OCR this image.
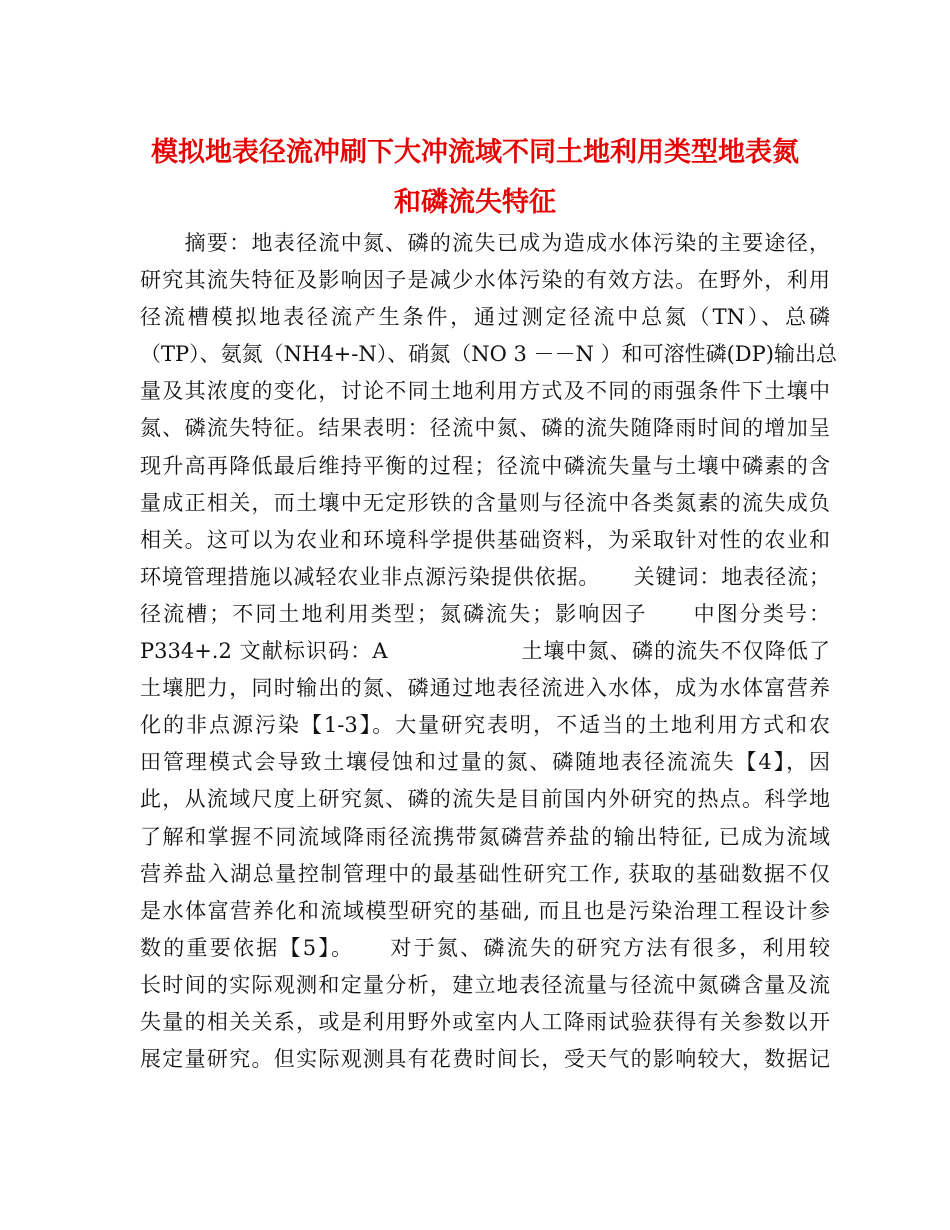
模拟地表径流冲刷下大冲流域不同土地利用类型地表氮
和磷流失特征
　　摘要：地表径流中氮、磷的流失已成为造成水体污染的主要途径，
研究其流失特征及影响因子是减少水体污染的有效方法。在野外，利用
径流槽模拟地表径流产生条件，通过测定径流中总氮（TN）、总磷
（TP）、氨氮（NH4+-N）、硝氮（NO 3 －－N ）和可溶性磷(DP)输出总
量及其浓度的变化，讨论不同土地利用方式及不同的雨强条件下土壤中
氮、磷流失特征。结果表明：径流中氮、磷的流失随降雨时间的增加呈
现升高再降低最后维持平衡的过程；径流中磷流失量与土壤中磷素的含
量成正相关，而土壤中无定形铁的含量则与径流中各类氮素的流失成负
相关。这可以为农业和环境科学提供基础资料，为采取针对性的农业和
环境管理措施以减轻农业非点源污染提供依据。　　关键词：地表径流；
径流槽；不同土地利用类型；氮磷流失；影响因子　　中图分类号：
P334+.2 文献标识码：A　　　　　　土壤中氮、磷的流失不仅降低了
土壤肥力，同时输出的氮、磷通过地表径流进入水体，成为水体富营养
化的非点源污染【1-3】。大量研究表明，不适当的土地利用方式和农
田管理模式会导致土壤侵蚀和过量的氮、磷随地表径流流失【4】，因
此，从流域尺度上研究氮、磷的流失是目前国内外研究的热点。科学地
了解和掌握不同流域降雨径流携带氮磷营养盐的输出特征, 已成为流域
营养盐入湖总量控制管理中的最基础性研究工作, 获取的基础数据不仅
是水体富营养化和流域模型研究的基础, 而且也是污染治理工程设计参
数的重要依据【5】。　　对于氮、磷流失的研究方法有很多，利用较
长时间的实际观测和定量分析，建立地表径流量与径流中氮磷含量及流
失量的相关关系，或是利用野外或室内人工降雨试验获得有关参数以开
展定量研究。但实际观测具有花费时间长，受天气的影响较大，数据记
